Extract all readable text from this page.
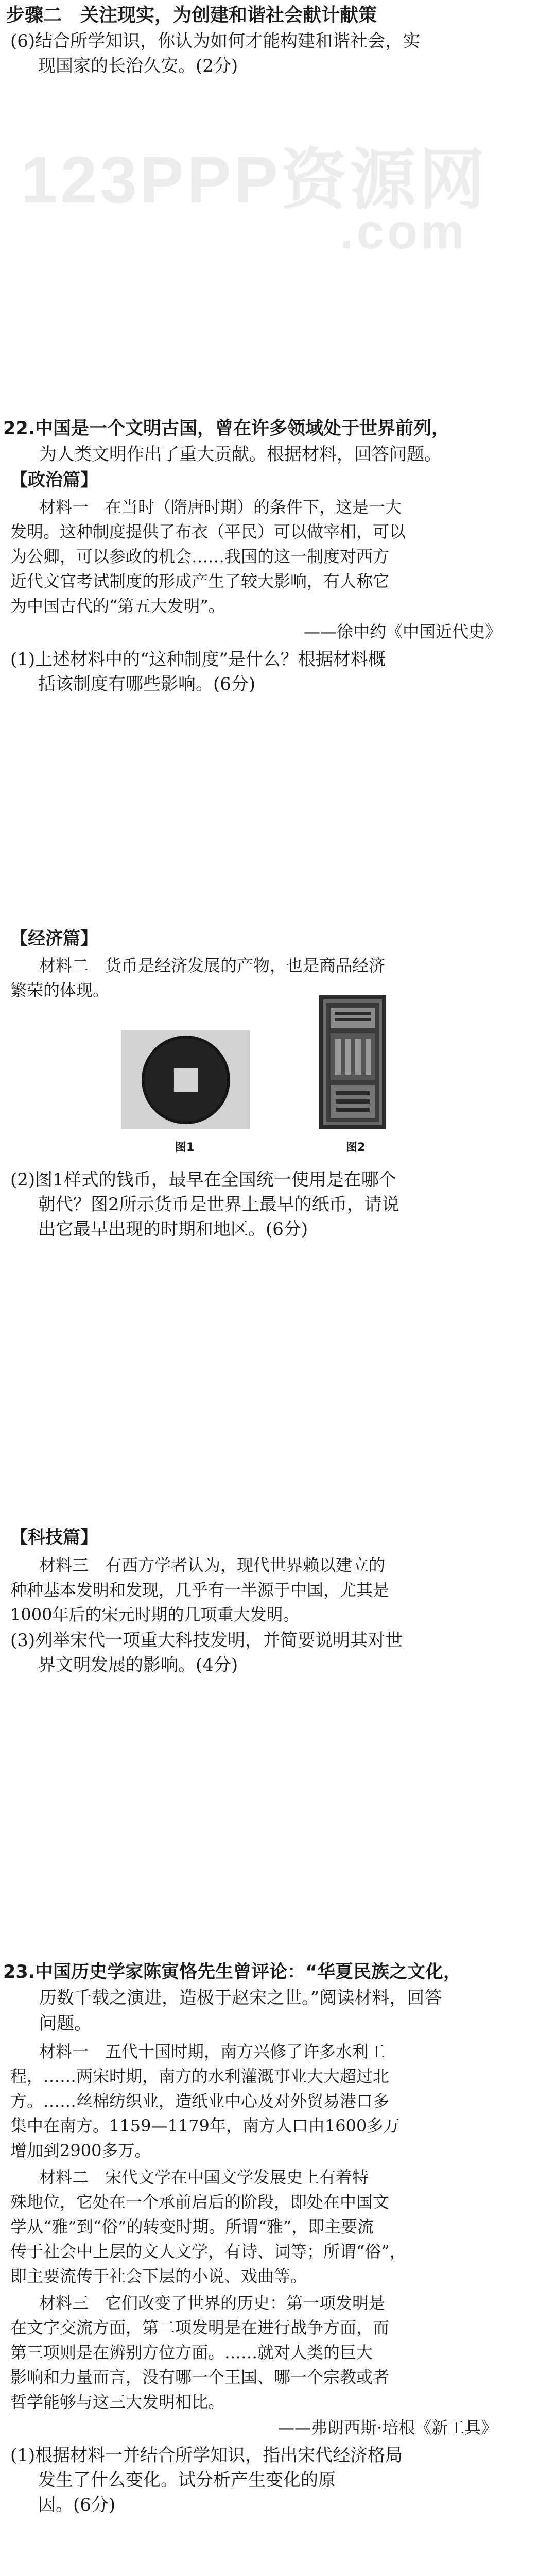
步骤二　关注现实，为创建和谐社会献计献策
(6)结合所学知识，你认为如何才能构建和谐社会，实
现国家的长治久安。(2分)
123PPP资源网
.com
22.中国是一个文明古国，曾在许多领域处于世界前列，
为人类文明作出了重大贡献。根据材料，回答问题。
【政治篇】
材料一　在当时（隋唐时期）的条件下，这是一大
发明。这种制度提供了布衣（平民）可以做宰相，可以
为公卿，可以参政的机会……我国的这一制度对西方
近代文官考试制度的形成产生了较大影响，有人称它
为中国古代的“第五大发明”。
——徐中约《中国近代史》
(1)上述材料中的“这种制度”是什么？根据材料概
括该制度有哪些影响。(6分)
【经济篇】
材料二　货币是经济发展的产物，也是商品经济
繁荣的体现。
图1	图2
(2)图1样式的钱币，最早在全国统一使用是在哪个
朝代？图2所示货币是世界上最早的纸币，请说
出它最早出现的时期和地区。(6分)
【科技篇】
材料三　有西方学者认为，现代世界赖以建立的
种种基本发明和发现，几乎有一半源于中国，尤其是
1000年后的宋元时期的几项重大发明。
(3)列举宋代一项重大科技发明，并简要说明其对世
界文明发展的影响。(4分)
23.中国历史学家陈寅恪先生曾评论：“华夏民族之文化，
历数千载之演进，造极于赵宋之世。”阅读材料，回答
问题。
材料一　五代十国时期，南方兴修了许多水利工
程，……两宋时期，南方的水利灌溉事业大大超过北
方。……丝棉纺织业，造纸业中心及对外贸易港口多
集中在南方。1159—1179年，南方人口由1600多万
增加到2900多万。
材料二　宋代文学在中国文学发展史上有着特
殊地位，它处在一个承前启后的阶段，即处在中国文
学从“雅”到“俗”的转变时期。所谓“雅”，即主要流
传于社会中上层的文人文学，有诗、词等；所谓“俗”，
即主要流传于社会下层的小说、戏曲等。
材料三　它们改变了世界的历史：第一项发明是
在文字交流方面，第二项发明是在进行战争方面，而
第三项则是在辨别方位方面。……就对人类的巨大
影响和力量而言，没有哪一个王国、哪一个宗教或者
哲学能够与这三大发明相比。
——弗朗西斯·培根《新工具》
(1)根据材料一并结合所学知识，指出宋代经济格局
发生了什么变化。试分析产生变化的原
因。(6分)
